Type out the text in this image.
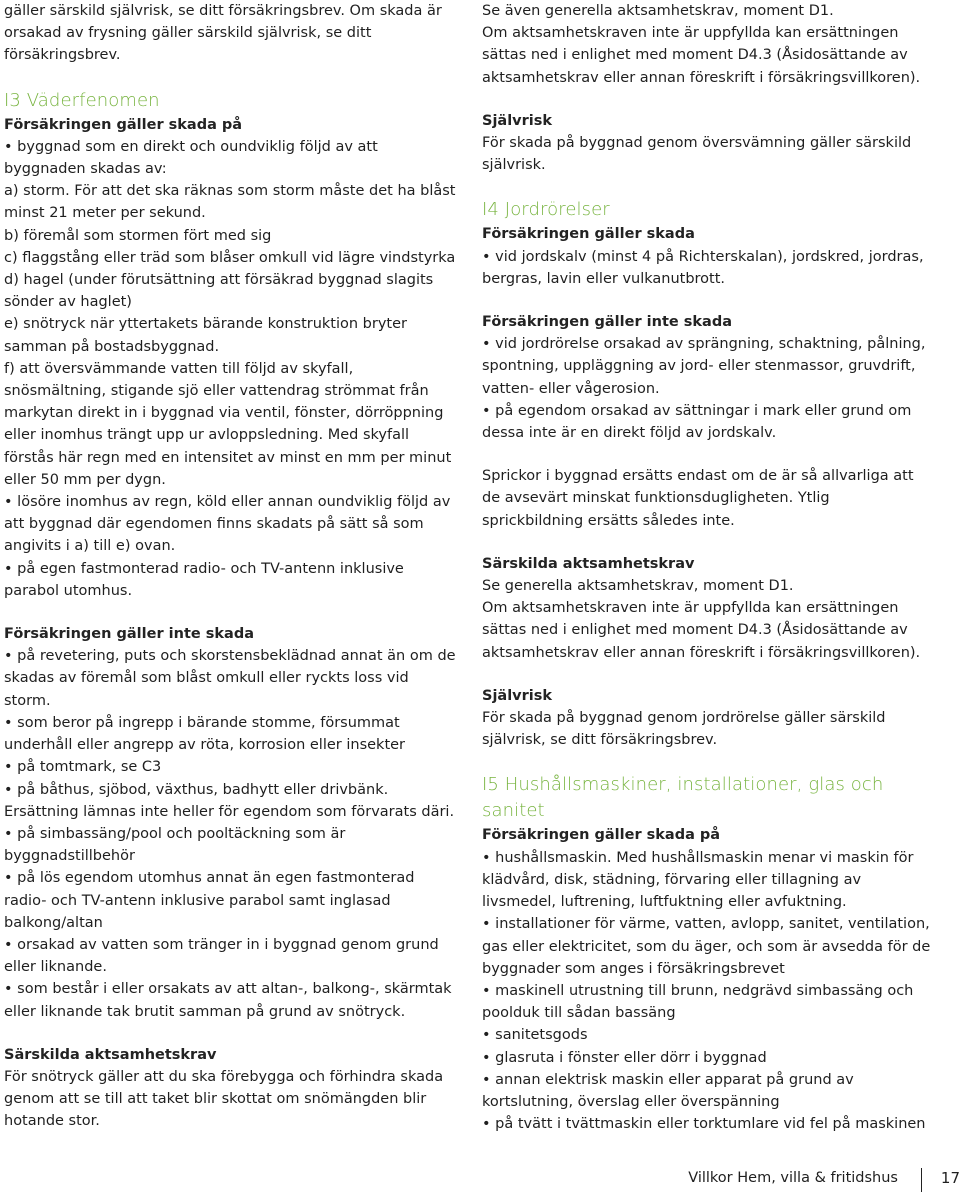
gäller särskild självrisk, se ditt försäkringsbrev. Om skada är orsakad av frysning gäller särskild självrisk, se ditt försäkringsbrev.

I3 Väderfenomen
Försäkringen gäller skada på

• byggnad som en direkt och oundviklig följd av att byggnaden skadas av:

a) storm. För att det ska räknas som storm måste det ha blåst minst 21 meter per sekund.

b) föremål som stormen fört med sig

c) flaggstång eller träd som blåser omkull vid lägre vindstyrka

d) hagel (under förutsättning att försäkrad byggnad slagits sönder av haglet)

e) snötryck när yttertakets bärande konstruktion bryter samman på bostadsbyggnad.

f) att översvämmande vatten till följd av skyfall, snösmältning, stigande sjö eller vattendrag strömmat från markytan direkt in i byggnad via ventil, fönster, dörröppning eller inomhus trängt upp ur avloppsledning. Med skyfall förstås här regn med en intensitet av minst en mm per minut eller 50 mm per dygn.

• lösöre inomhus av regn, köld eller annan oundviklig följd av att byggnad där egendomen finns skadats på sätt så som angivits i a) till e) ovan.

• på egen fastmonterad radio- och TV-antenn inklusive parabol utomhus.

Försäkringen gäller inte skada

• på revetering, puts och skorstensbeklädnad annat än om de skadas av föremål som blåst omkull eller ryckts loss vid storm.

• som beror på ingrepp i bärande stomme, försummat underhåll eller angrepp av röta, korrosion eller insekter

• på tomtmark, se C3

• på båthus, sjöbod, växthus, badhytt eller drivbänk. Ersättning lämnas inte heller för egendom som förvarats däri.

• på simbassäng/pool och pooltäckning som är byggnadstillbehör

• på lös egendom utomhus annat än egen fastmonterad radio- och TV-antenn inklusive parabol samt inglasad balkong/altan

• orsakad av vatten som tränger in i byggnad genom grund eller liknande.

• som består i eller orsakats av att altan-, balkong-, skärmtak eller liknande tak brutit samman på grund av snötryck.

Särskilda aktsamhetskrav

För snötryck gäller att du ska förebygga och förhindra skada genom att se till att taket blir skottat om snömängden blir hotande stor.

Se även generella aktsamhetskrav, moment D1.

Om aktsamhetskraven inte är uppfyllda kan ersättningen sättas ned i enlighet med moment D4.3 (Åsidosättande av aktsamhetskrav eller annan föreskrift i försäkringsvillkoren).

Självrisk

För skada på byggnad genom översvämning gäller särskild självrisk.

I4 Jordrörelser
Försäkringen gäller skada

• vid jordskalv (minst 4 på Richterskalan), jordskred, jordras, bergras, lavin eller vulkanutbrott.

Försäkringen gäller inte skada

• vid jordrörelse orsakad av sprängning, schaktning, pålning, spontning, uppläggning av jord- eller stenmassor, gruvdrift, vatten- eller vågerosion.

• på egendom orsakad av sättningar i mark eller grund om dessa inte är en direkt följd av jordskalv.

Sprickor i byggnad ersätts endast om de är så allvarliga att de avsevärt minskat funktionsdugligheten. Ytlig sprickbildning ersätts således inte.

Särskilda aktsamhetskrav

Se generella aktsamhetskrav, moment D1.

Om aktsamhetskraven inte är uppfyllda kan ersättningen sättas ned i enlighet med moment D4.3 (Åsidosättande av aktsamhetskrav eller annan föreskrift i försäkringsvillkoren).

Självrisk

För skada på byggnad genom jordrörelse gäller särskild självrisk, se ditt försäkringsbrev.

I5 Hushållsmaskiner, installationer, glas och sanitet
Försäkringen gäller skada på

• hushållsmaskin. Med hushållsmaskin menar vi maskin för klädvård, disk, städning, förvaring eller tillagning av livsmedel, luftrening, luftfuktning eller avfuktning.

• installationer för värme, vatten, avlopp, sanitet, ventilation, gas eller elektricitet, som du äger, och som är avsedda för de byggnader som anges i försäkringsbrevet

• maskinell utrustning till brunn, nedgrävd simbassäng och poolduk till sådan bassäng

• sanitetsgods

• glasruta i fönster eller dörr i byggnad

• annan elektrisk maskin eller apparat på grund av kortslutning, överslag eller överspänning

• på tvätt i tvättmaskin eller torktumlare vid fel på maskinen

Villkor Hem, villa & fritidshus	17
